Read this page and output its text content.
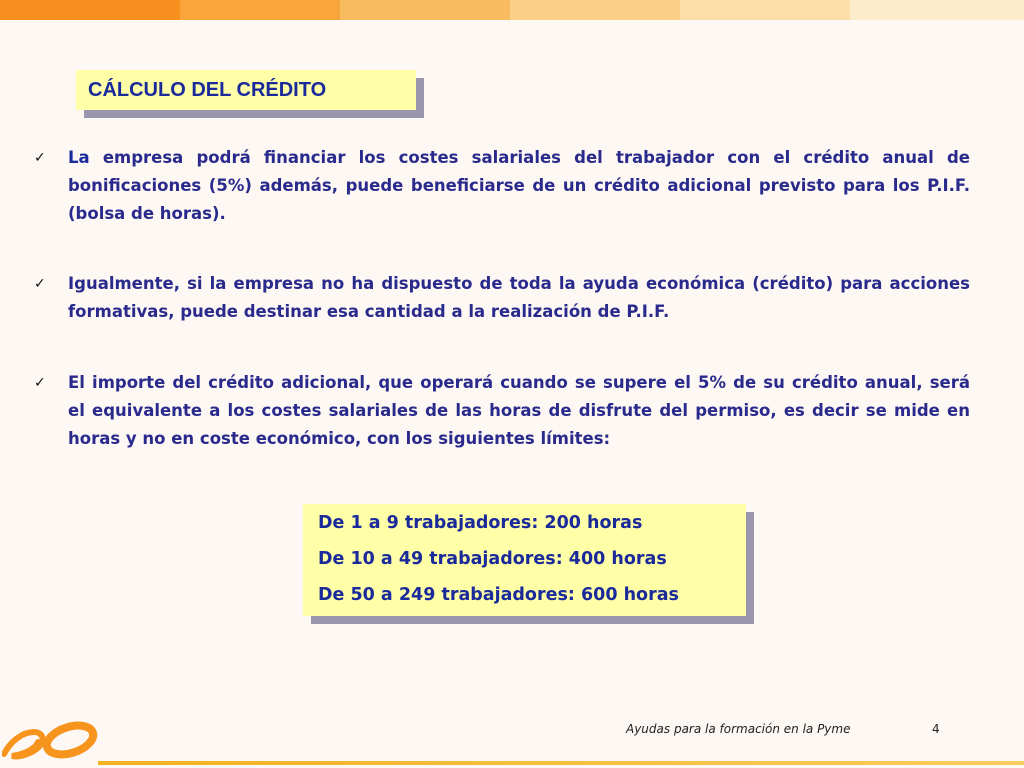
CÁLCULO DEL CRÉDITO
✓	La empresa podrá financiar los costes salariales del trabajador con el crédito anual de bonificaciones (5%) además, puede beneficiarse de un crédito adicional previsto para los P.I.F. (bolsa de horas).

✓	Igualmente, si la empresa no ha dispuesto de toda la ayuda económica (crédito) para acciones formativas, puede destinar esa cantidad a la realización de P.I.F.

✓	El importe del crédito adicional, que operará cuando se supere el 5% de su crédito anual, será el equivalente a los costes salariales de las horas de disfrute del permiso, es decir se mide en horas y no en coste económico, con los siguientes límites:

De 1 a 9 trabajadores: 200 horas
De 10 a 49 trabajadores: 400 horas
De 50 a 249 trabajadores: 600 horas
Ayudas para la formación en la Pyme	4
